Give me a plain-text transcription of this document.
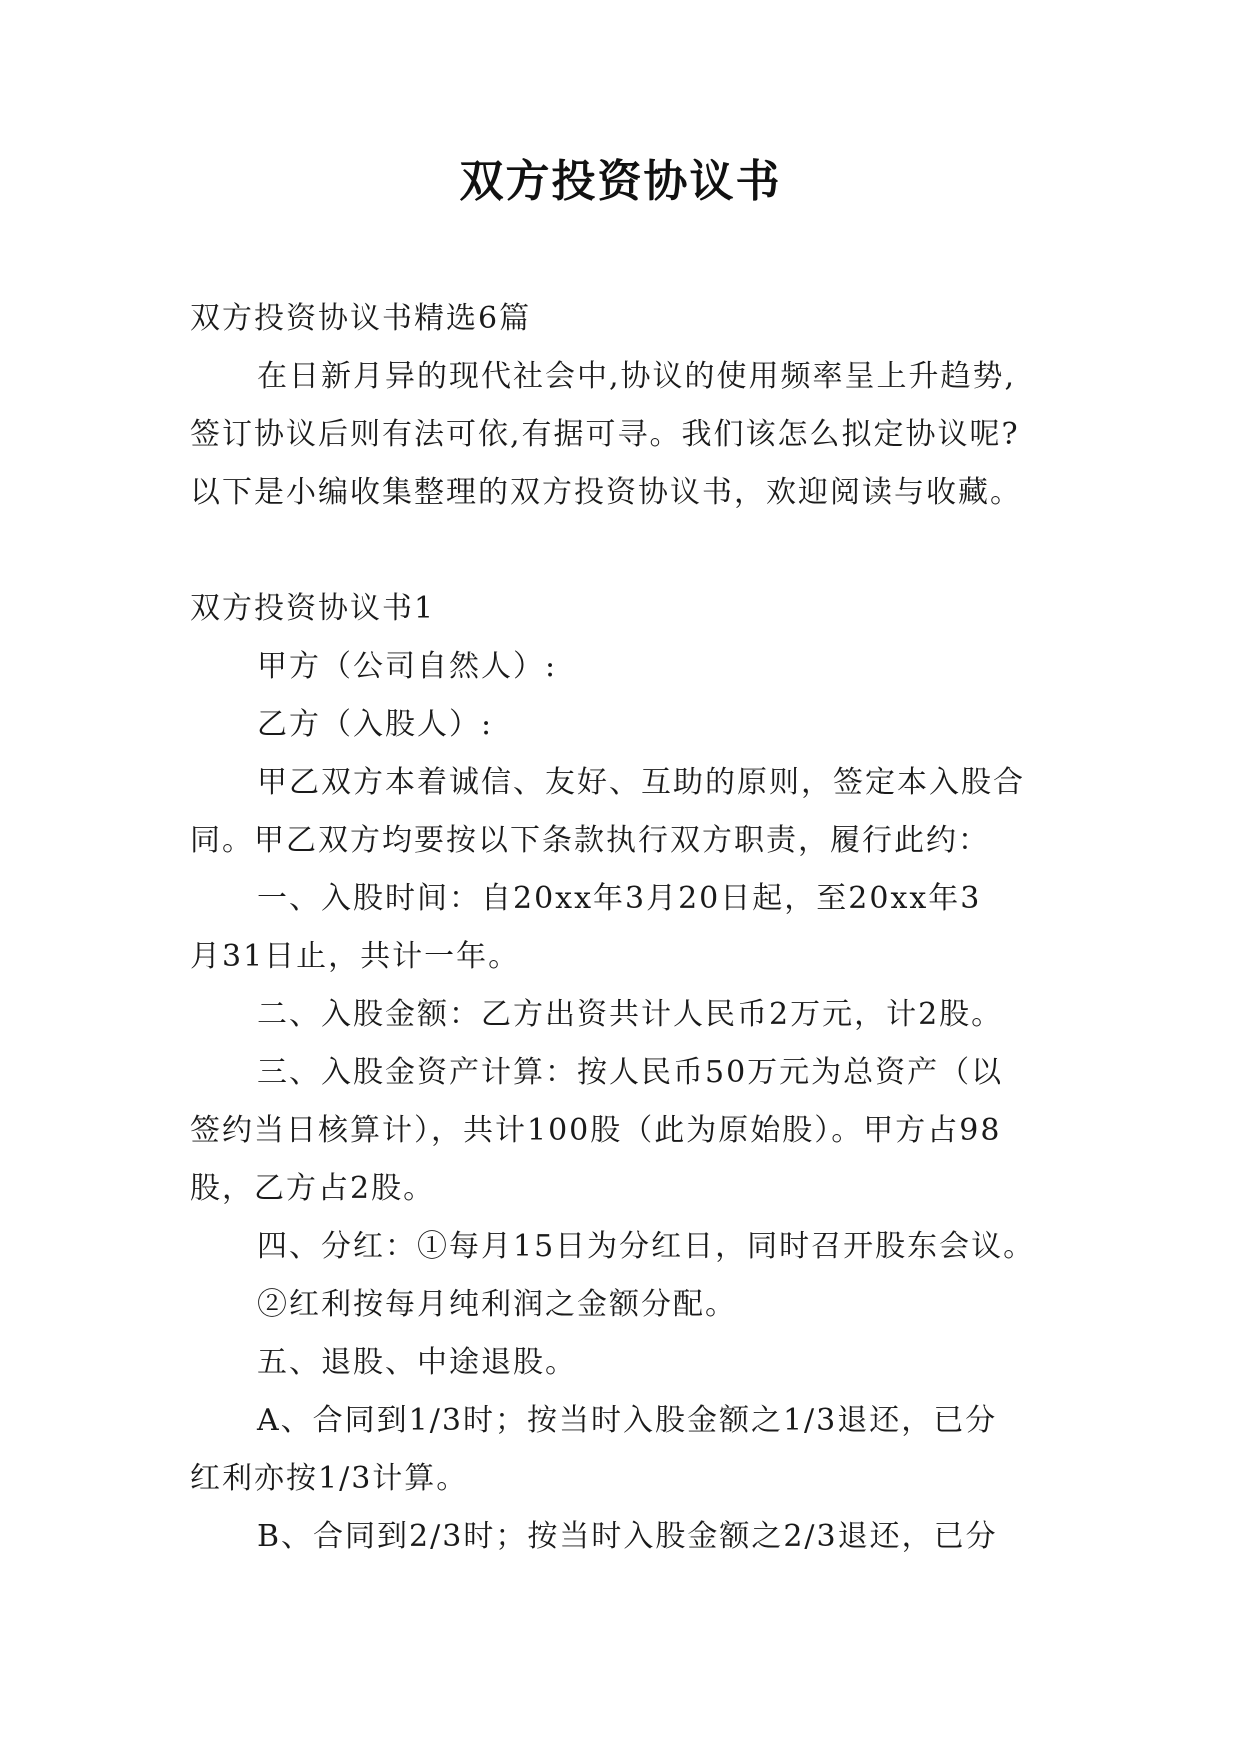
双方投资协议书
双方投资协议书精选6篇
在日新月异的现代社会中,协议的使用频率呈上升趋势,
签订协议后则有法可依,有据可寻。我们该怎么拟定协议呢?
以下是小编收集整理的双方投资协议书，欢迎阅读与收藏。
双方投资协议书1
甲方（公司自然人）:
乙方（入股人）:
甲乙双方本着诚信、友好、互助的原则，签定本入股合
同。甲乙双方均要按以下条款执行双方职责，履行此约：
一、入股时间：自20xx年3月20日起，至20xx年3
月31日止，共计一年。
二、入股金额：乙方出资共计人民币2万元，计2股。
三、入股金资产计算：按人民币50万元为总资产（以
签约当日核算计），共计100股（此为原始股）。甲方占98
股，乙方占2股。
四、分红：①每月15日为分红日，同时召开股东会议。
②红利按每月纯利润之金额分配。
五、退股、中途退股。
A、合同到1/3时；按当时入股金额之1/3退还，已分
红利亦按1/3计算。
B、合同到2/3时；按当时入股金额之2/3退还，已分
